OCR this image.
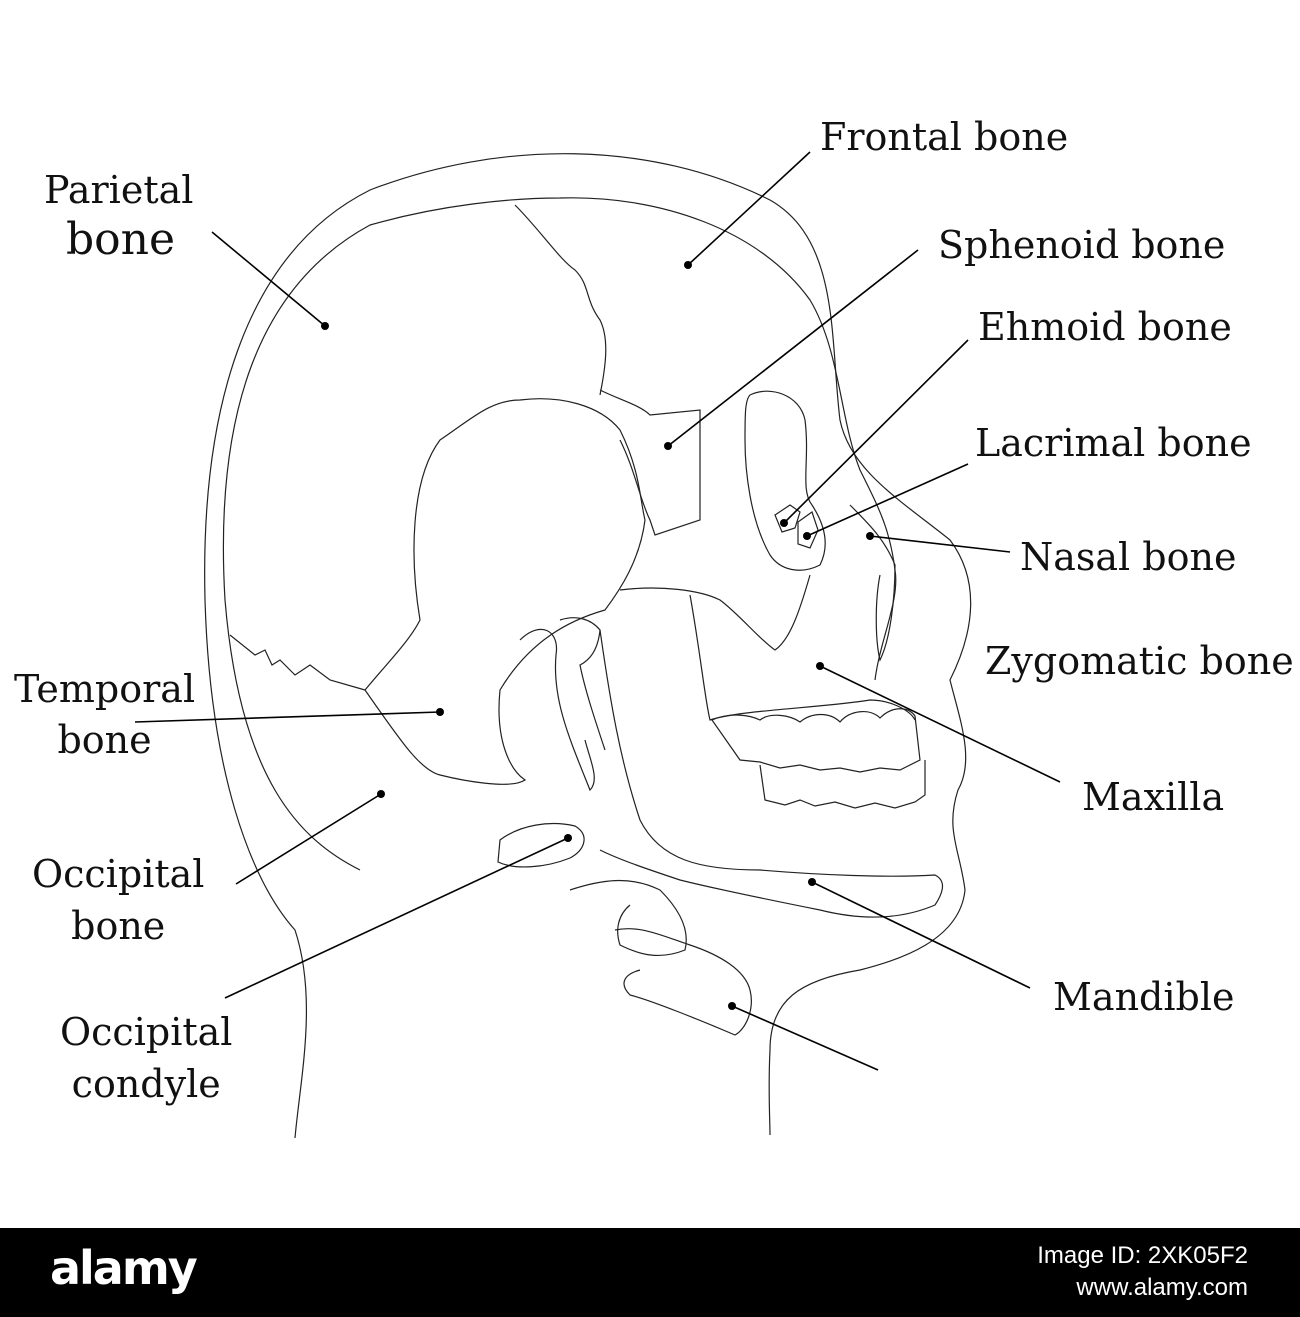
Frontal bone

Parietal
bone	Sphenoid bone

Ehmoid bone

Lacrimal bone

Nasal bone

Zygomatic bone

Temporal
bone

Maxilla

Occipital
bone

Occipital
condyle

Mandible

alamy	Image ID: 2XK05F2
www.alamy.com
